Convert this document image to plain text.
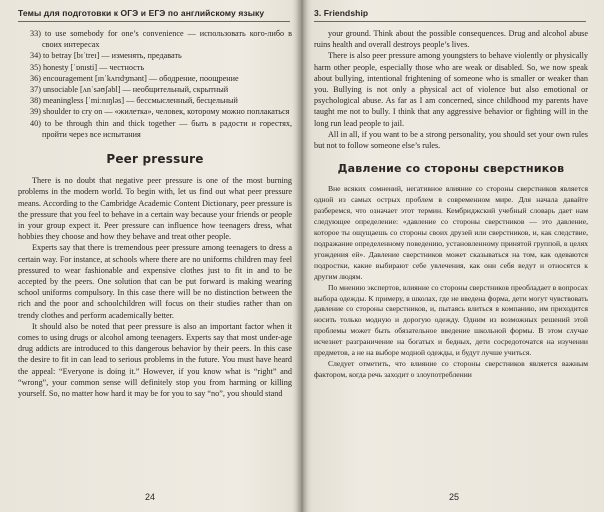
Темы для подготовки к ОГЭ и ЕГЭ по английскому языку

33) to use somebody for one’s convenience — использовать кого-либо в своих интересах

34) to betray [bɪˈtreɪ] — изменять, предавать

35) honesty [ˈɒnɪsti] — честность

36) encouragement [ɪnˈkʌrɪdʒmənt] — ободрение, поощрение

37) unsociable [ʌnˈsəʊʃəbl] — необщительный, скрытный

38) meaningless [ˈmiːnɪŋləs] — бессмысленный, бесцельный

39) shoulder to cry on — «жилетка», человек, которому можно поплакаться

40) to be through thin and thick together — быть в радости и горестях, пройти через все испытания

Peer pressure

There is no doubt that negative peer pressure is one of the most burning problems in the modern world. To begin with, let us find out what peer pressure means. According to the Cambridge Academic Content Dictionary, peer pressure is the pressure that you feel to behave in a certain way because your friends or people in your group expect it. Peer pressure can influence how teenagers dress, what hobbies they choose and how they behave and treat other people.

Experts say that there is tremendous peer pressure among teenagers to dress a certain way. For instance, at schools where there are no uniforms children may feel pressured to wear fashionable and expensive clothes just to fit in and to be accepted by the peers. One solution that can be put forward is making wearing school uniforms compulsory. In this case there will be no distinction between the rich and the poor and schoolchildren will focus on their studies rather than on trendy clothes and perform academically better.

It should also be noted that peer pressure is also an important factor when it comes to using drugs or alcohol among teenagers. Experts say that most under-age drug addicts are introduced to this dangerous behavior by their peers. In this case the desire to fit in can lead to serious problems in the future. You must have heard the appeal: “Everyone is doing it.” However, if you know what is “right” and “wrong”, your common sense will definitely stop you from harming or killing yourself. So, no matter how hard it may be for you to say “no”, you should stand

24
3. Friendship

your ground. Think about the possible consequences. Drug and alcohol abuse ruins health and overall destroys people’s lives.

There is also peer pressure among youngsters to behave violently or physically harm other people, especially those who are weak or disabled. So, we now speak about bullying, intentional frightening of someone who is smaller or weaker than you. Bullying is not only a physical act of violence but also emotional or psychological abuse. As far as I am concerned, since childhood my parents have taught me not to bully. I think that any aggressive behavior or fighting will in the long run lead people to jail.

All in all, if you want to be a strong personality, you should set your own rules but not to follow someone else’s rules.

Давление со стороны сверстников

Вне всяких сомнений, негативное влияние со стороны сверстников является одной из самых острых проблем в современном мире. Для начала давайте разберемся, что означает этот термин. Кембриджский учебный словарь дает нам следующее определение: «давление со стороны сверстников — это давление, которое ты ощущаешь со стороны своих друзей или сверстников, и, как следствие, подражание определенному поведению, установленному принятой группой, в целях угождения ей». Давление сверстников может сказываться на том, как одеваются подростки, какие выбирают себе увлечения, как они себя ведут и относятся к другим людям.

По мнению экспертов, влияние со стороны сверстников преобладает в вопросах выбора одежды. К примеру, в школах, где не введена форма, дети могут чувствовать давление со стороны сверстников, и, пытаясь влиться в компанию, им приходится носить только модную и дорогую одежду. Одним из возможных решений этой проблемы может быть обязательное введение школьной формы. В этом случае исчезнет разграничение на богатых и бедных, дети сосредоточатся на изучении предметов, а не на выборе модной одежды, и будут лучше учиться.

Следует отметить, что влияние со стороны сверстников является важным фактором, когда речь заходит о злоупотреблении

25
